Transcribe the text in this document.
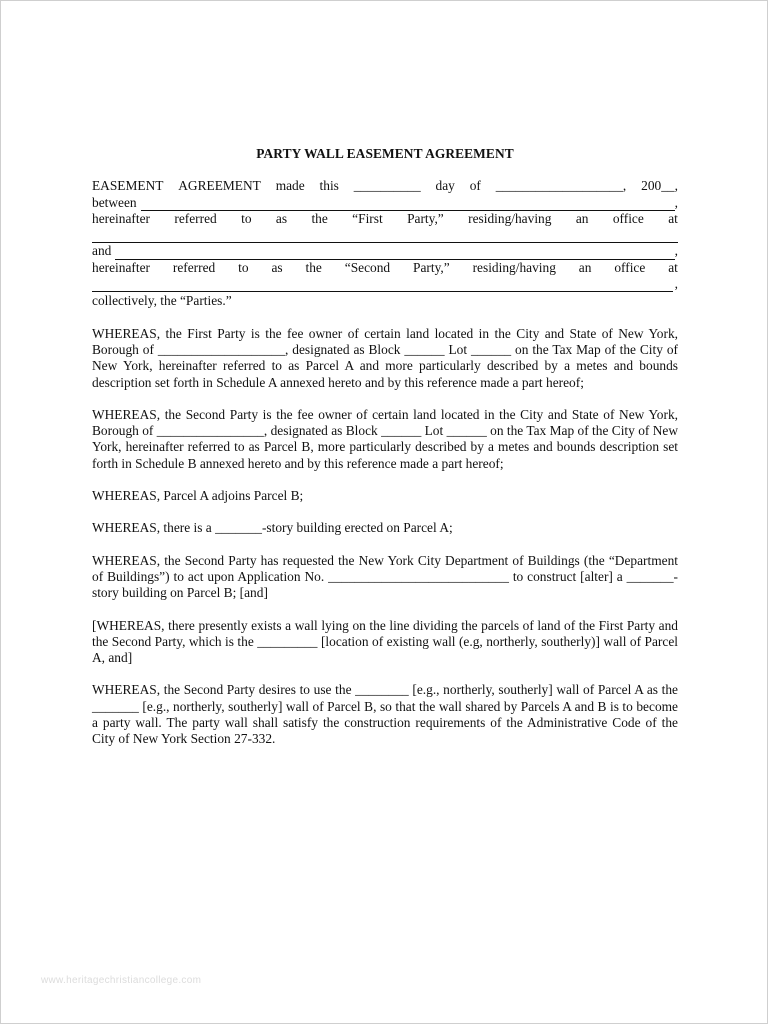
PARTY WALL EASEMENT AGREEMENT
EASEMENT AGREEMENT made this __________ day of ___________________, 200__,
between	,
hereinafter referred to as the “First Party,” residing/having an office at
and	,
hereinafter referred to as the “Second Party,” residing/having an office at
,

collectively, the “Parties.”

WHEREAS, the First Party is the fee owner of certain land located in the City and State of New York, Borough of ___________________, designated as Block ______ Lot ______ on the Tax Map of the City of New York, hereinafter referred to as Parcel A and more particularly described by a metes and bounds description set forth in Schedule A annexed hereto and by this reference made a part hereof;

WHEREAS, the Second Party is the fee owner of certain land located in the City and State of New York, Borough of ________________, designated as Block ______ Lot ______ on the Tax Map of the City of New York, hereinafter referred to as Parcel B, more particularly described by a metes and bounds description set forth in Schedule B annexed hereto and by this reference made a part hereof;

WHEREAS, Parcel A adjoins Parcel B;

WHEREAS, there is a _______-story building erected on Parcel A;

WHEREAS, the Second Party has requested the New York City Department of Buildings (the “Department of Buildings”) to act upon Application No. ___________________________ to construct [alter] a _______-story building on Parcel B; [and]

[WHEREAS, there presently exists a wall lying on the line dividing the parcels of land of the First Party and the Second Party, which is the _________ [location of existing wall (e.g, northerly, southerly)] wall of Parcel A, and]

WHEREAS, the Second Party desires to use the ________ [e.g., northerly, southerly] wall of Parcel A as the _______ [e.g., northerly, southerly] wall of Parcel B, so that the wall shared by Parcels A and B is to become a party wall. The party wall shall satisfy the construction requirements of the Administrative Code of the City of New York Section 27-332.

www.heritagechristiancollege.com
